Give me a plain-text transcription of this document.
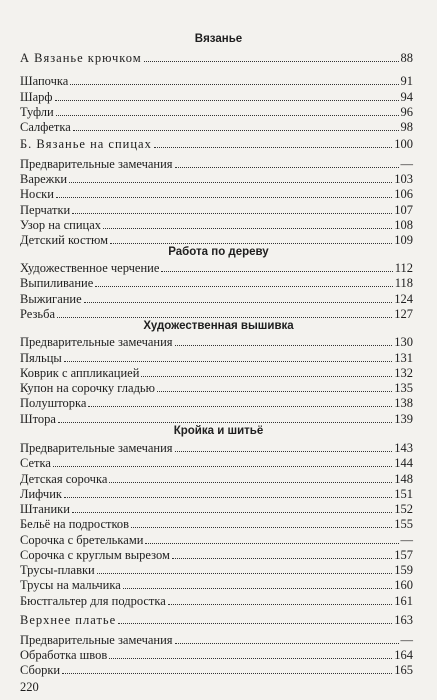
Вязанье
А Вязанье крючком	88
Шапочка	91
Шарф	94
Туфли	96
Салфетка	98
Б. Вязанье на спицах	100
Предварительные замечания	—
Варежки	103
Носки	106
Перчатки	107
Узор на спицах	108
Детский костюм	109
Работа по дереву
Художественное черчение	112
Выпиливание	118
Выжигание	124
Резьба	127
Художественная вышивка
Предварительные замечания	130
Пяльцы	131
Коврик с аппликацией	132
Купон на сорочку гладью	135
Полушторка	138
Штора	139
Кройка и шитьё
Предварительные замечания	143
Сетка	144
Детская сорочка	148
Лифчик	151
Штаники	152
Бельё на подростков	155
Сорочка с бретельками	—
Сорочка с круглым вырезом	157
Трусы-плавки	159
Трусы на мальчика	160
Бюстгальтер для подростка	161
Верхнее платье	163
Предварительные замечания	—
Обработка швов	164
Сборки	165
220
